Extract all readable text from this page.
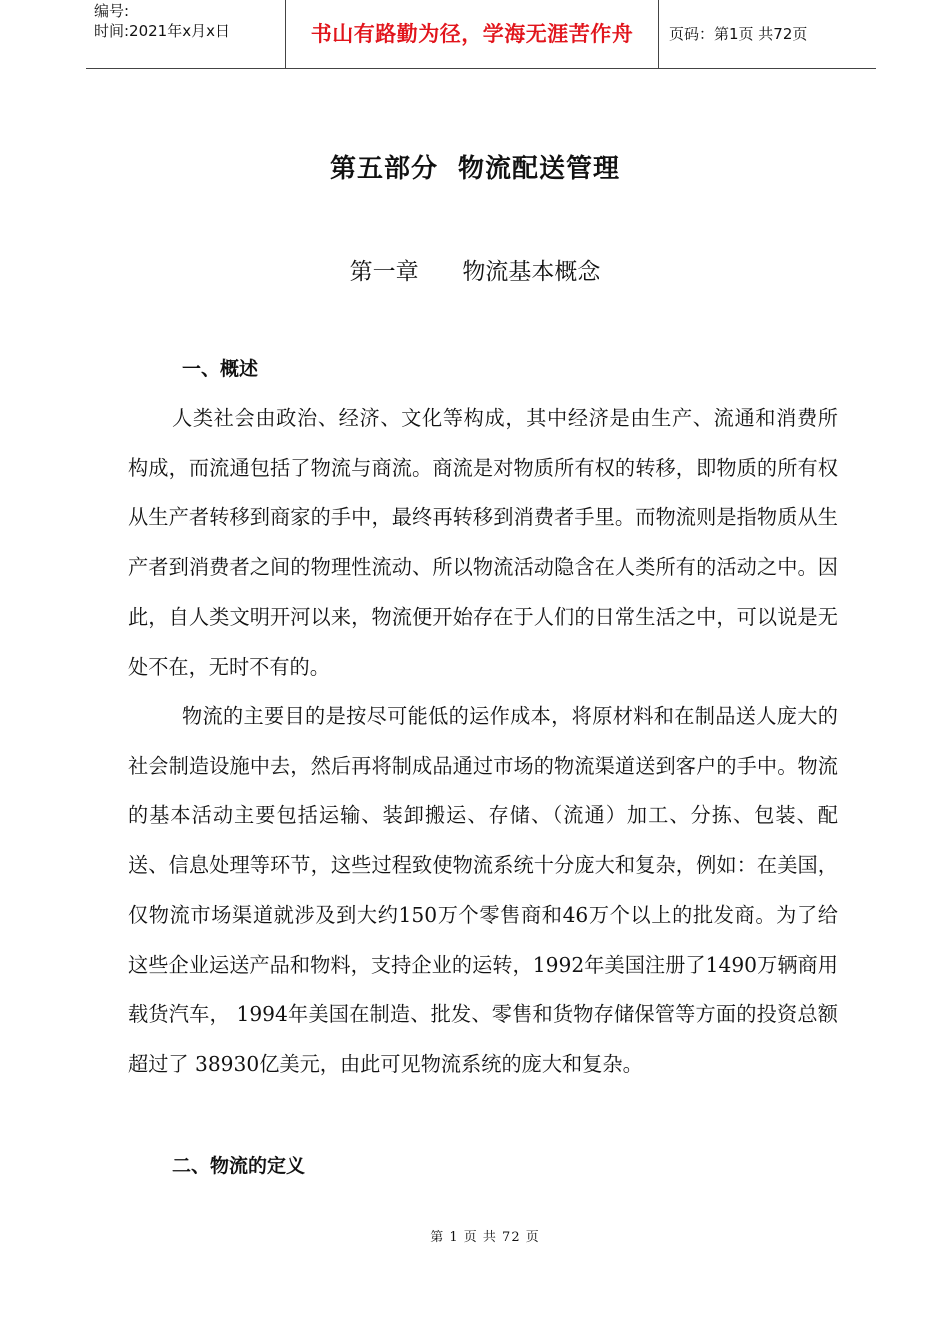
编号:
时间:2021年x月x日	书山有路勤为径，学海无涯苦作舟	页码：第1页 共72页
第五部分 物流配送管理
第一章      物流基本概念
一、概述

人类社会由政治、经济、文化等构成，其中经济是由生产、流通和消费所构成，而流通包括了物流与商流。商流是对物质所有权的转移，即物质的所有权从生产者转移到商家的手中，最终再转移到消费者手里。而物流则是指物质从生产者到消费者之间的物理性流动、所以物流活动隐含在人类所有的活动之中。因此，自人类文明开河以来，物流便开始存在于人们的日常生活之中，可以说是无处不在，无时不有的。

物流的主要目的是按尽可能低的运作成本，将原材料和在制品送人庞大的社会制造设施中去，然后再将制成品通过市场的物流渠道送到客户的手中。物流的基本活动主要包括运输、装卸搬运、存储、（流通）加工、分拣、包装、配送、信息处理等环节，这些过程致使物流系统十分庞大和复杂，例如：在美国，仅物流市场渠道就涉及到大约150万个零售商和46万个以上的批发商。为了给这些企业运送产品和物料，支持企业的运转，1992年美国注册了1490万辆商用载货汽车， 1994年美国在制造、批发、零售和货物存储保管等方面的投资总额超过了 38930亿美元，由此可见物流系统的庞大和复杂。

二、物流的定义
第 1 页 共 72 页
